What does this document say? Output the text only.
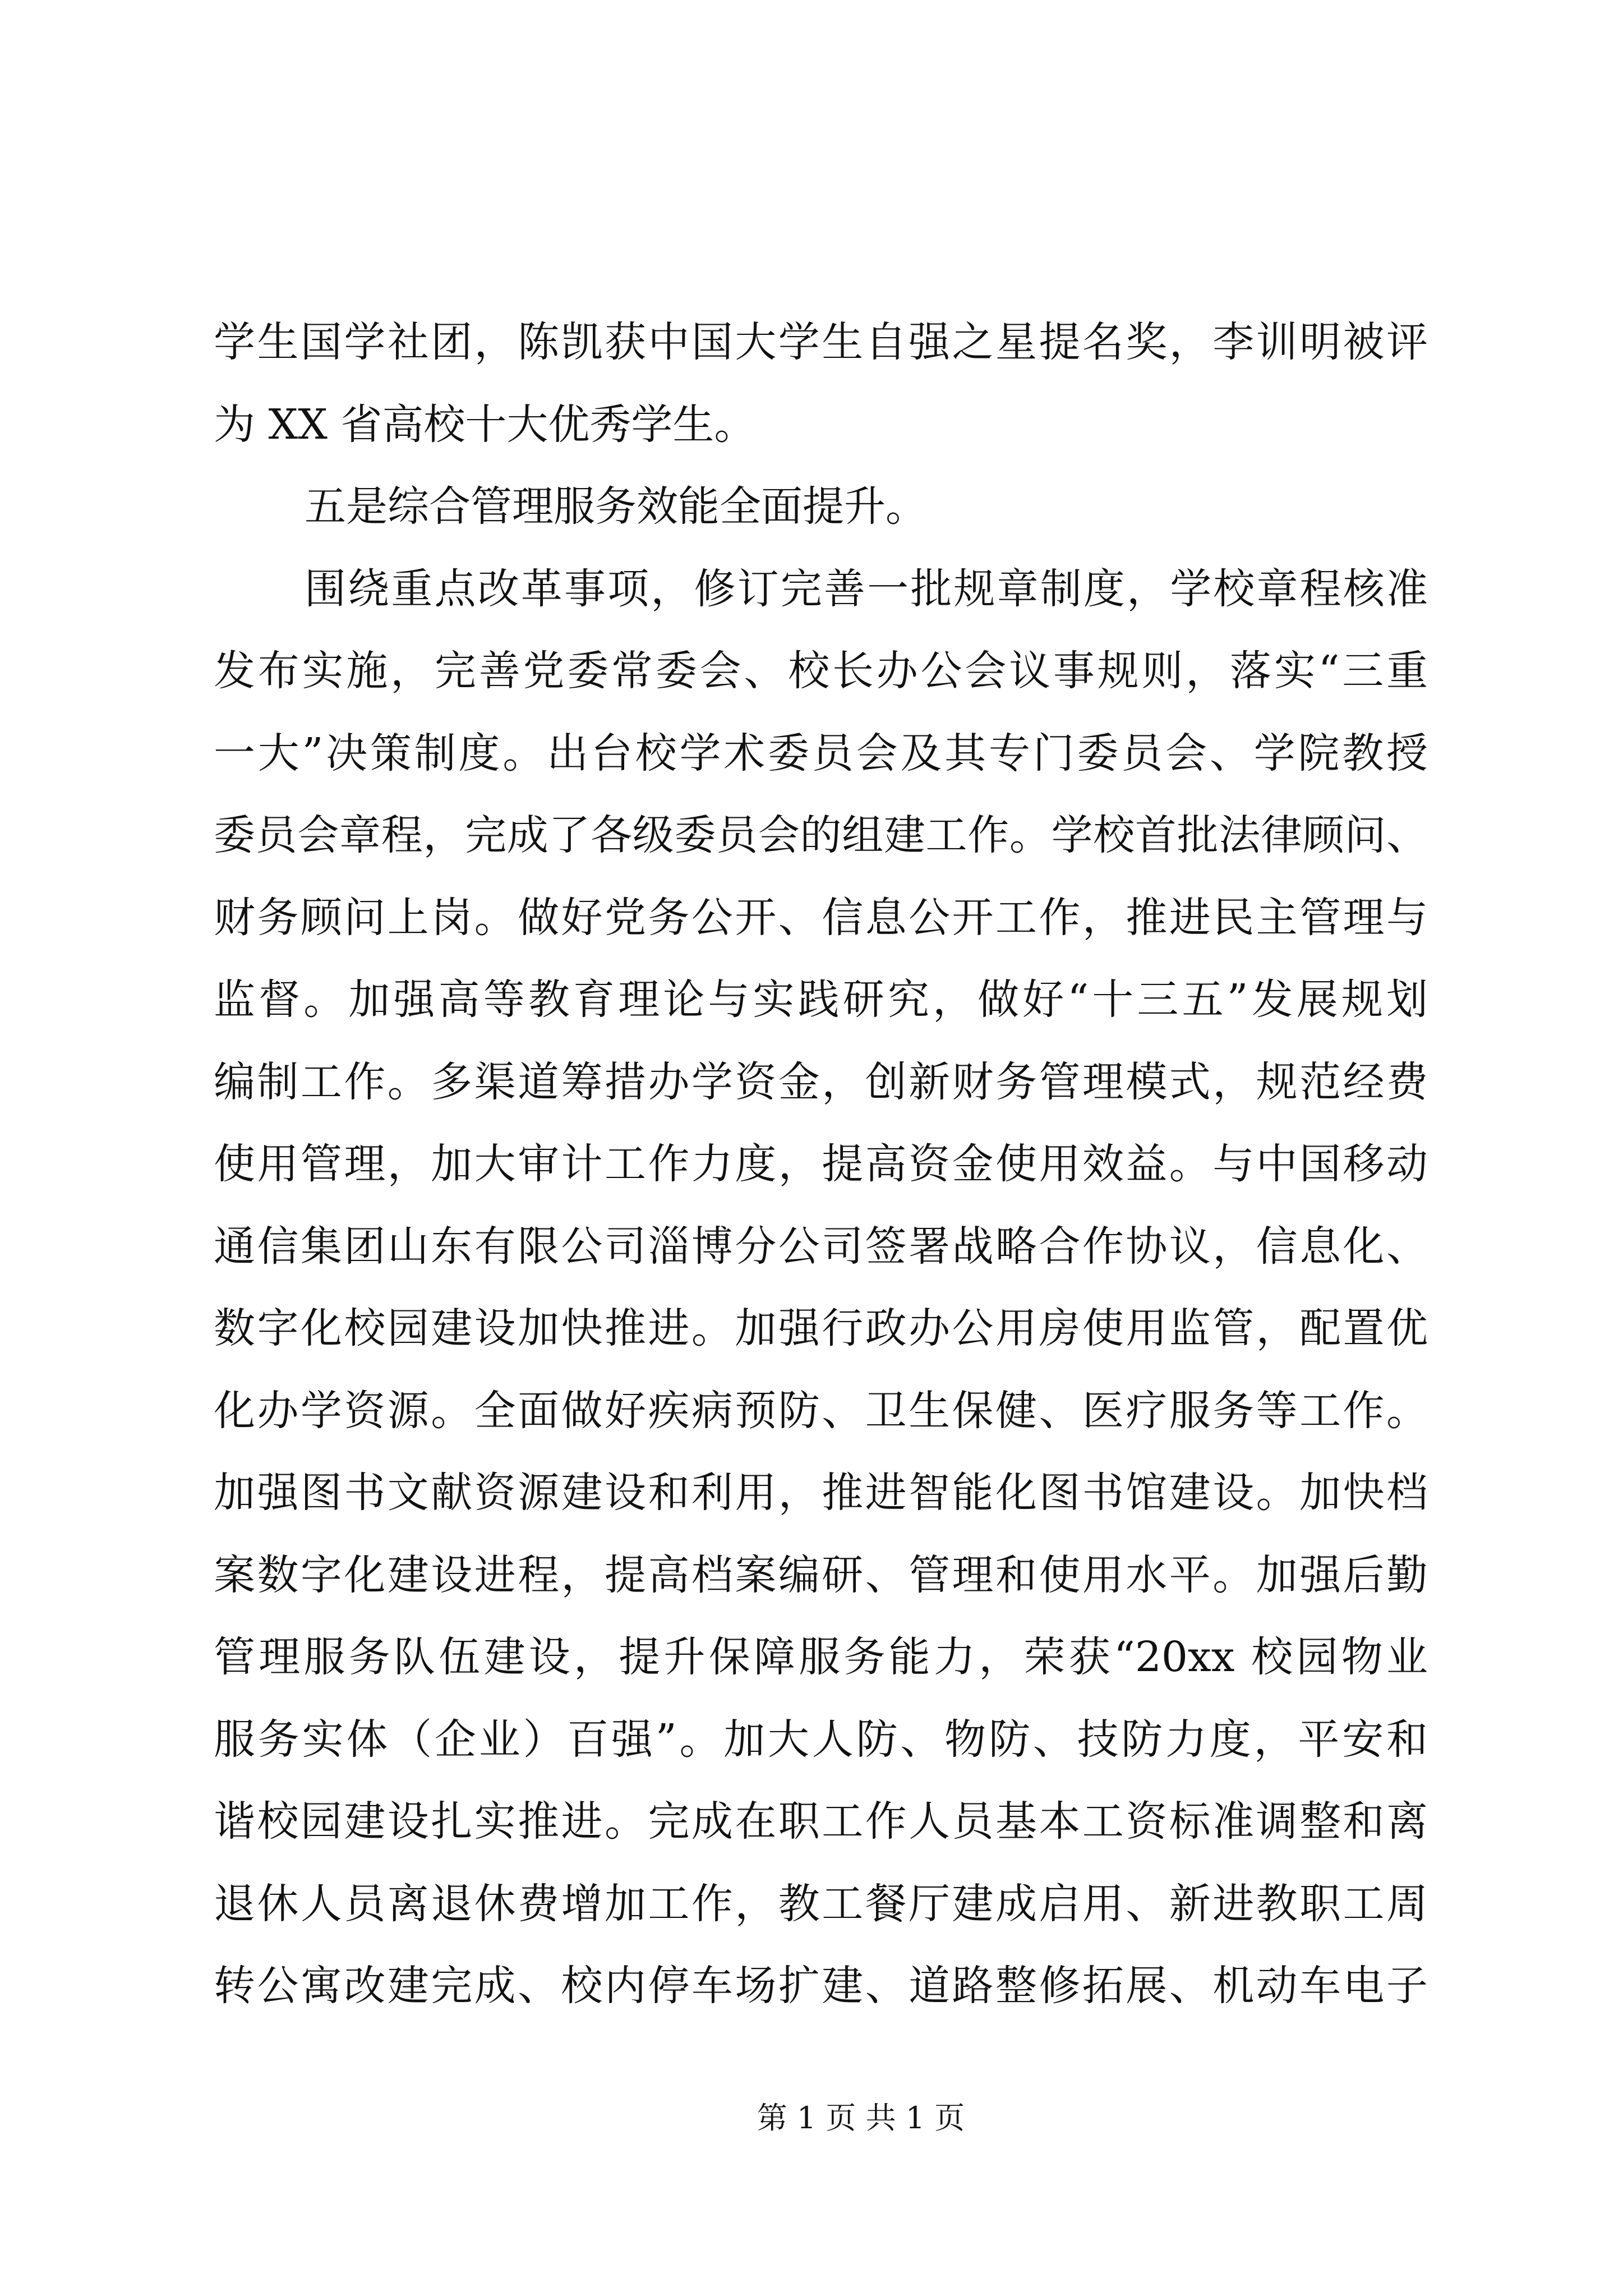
学生国学社团，陈凯获中国大学生自强之星提名奖，李训明被评
为 XX 省高校十大优秀学生。
五是综合管理服务效能全面提升。
围绕重点改革事项，修订完善一批规章制度，学校章程核准
发布实施，完善党委常委会、校长办公会议事规则，落实“三重
一大”决策制度。出台校学术委员会及其专门委员会、学院教授
委员会章程，完成了各级委员会的组建工作。学校首批法律顾问、
财务顾问上岗。做好党务公开、信息公开工作，推进民主管理与
监督。加强高等教育理论与实践研究，做好“十三五”发展规划
编制工作。多渠道筹措办学资金，创新财务管理模式，规范经费
使用管理，加大审计工作力度，提高资金使用效益。与中国移动
通信集团山东有限公司淄博分公司签署战略合作协议，信息化、
数字化校园建设加快推进。加强行政办公用房使用监管，配置优
化办学资源。全面做好疾病预防、卫生保健、医疗服务等工作。
加强图书文献资源建设和利用，推进智能化图书馆建设。加快档
案数字化建设进程，提高档案编研、管理和使用水平。加强后勤
管理服务队伍建设，提升保障服务能力，荣获“20xx 校园物业
服务实体（企业）百强”。加大人防、物防、技防力度，平安和
谐校园建设扎实推进。完成在职工作人员基本工资标准调整和离
退休人员离退休费增加工作，教工餐厅建成启用、新进教职工周
转公寓改建完成、校内停车场扩建、道路整修拓展、机动车电子
第 1 页 共 1 页
